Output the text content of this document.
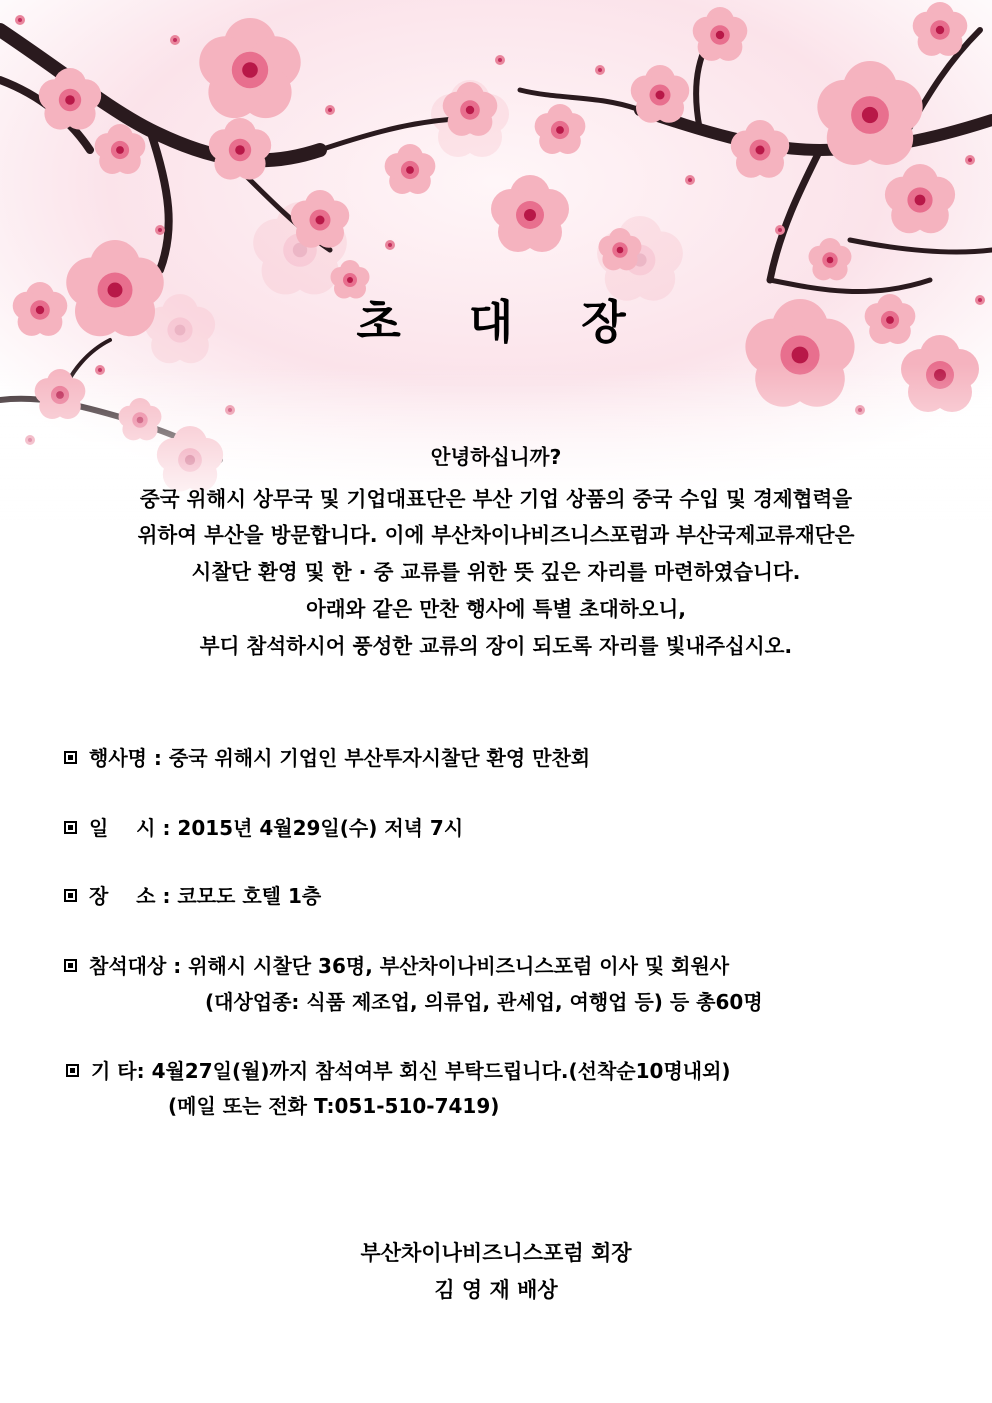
초 대 장
안녕하십니까?
중국 위해시 상무국 및 기업대표단은 부산 기업 상품의 중국 수입 및 경제협력을
위하여 부산을 방문합니다. 이에 부산차이나비즈니스포럼과 부산국제교류재단은
시찰단 환영 및 한 · 중 교류를 위한 뜻 깊은 자리를 마련하였습니다.
아래와 같은 만찬 행사에 특별 초대하오니,
부디 참석하시어 풍성한 교류의 장이 되도록 자리를 빛내주십시오.
행사명 : 중국 위해시 기업인 부산투자시찰단 환영 만찬회
일    시 : 2015년 4월29일(수) 저녁 7시
장    소 : 코모도 호텔 1층
참석대상 : 위해시 시찰단 36명, 부산차이나비즈니스포럼 이사 및 회원사
(대상업종: 식품 제조업, 의류업, 관세업, 여행업 등) 등 총60명
기 타: 4월27일(월)까지 참석여부 회신 부탁드립니다.(선착순10명내외)
(메일 또는 전화 T:051-510-7419)
부산차이나비즈니스포럼 회장
김 영 재 배상
